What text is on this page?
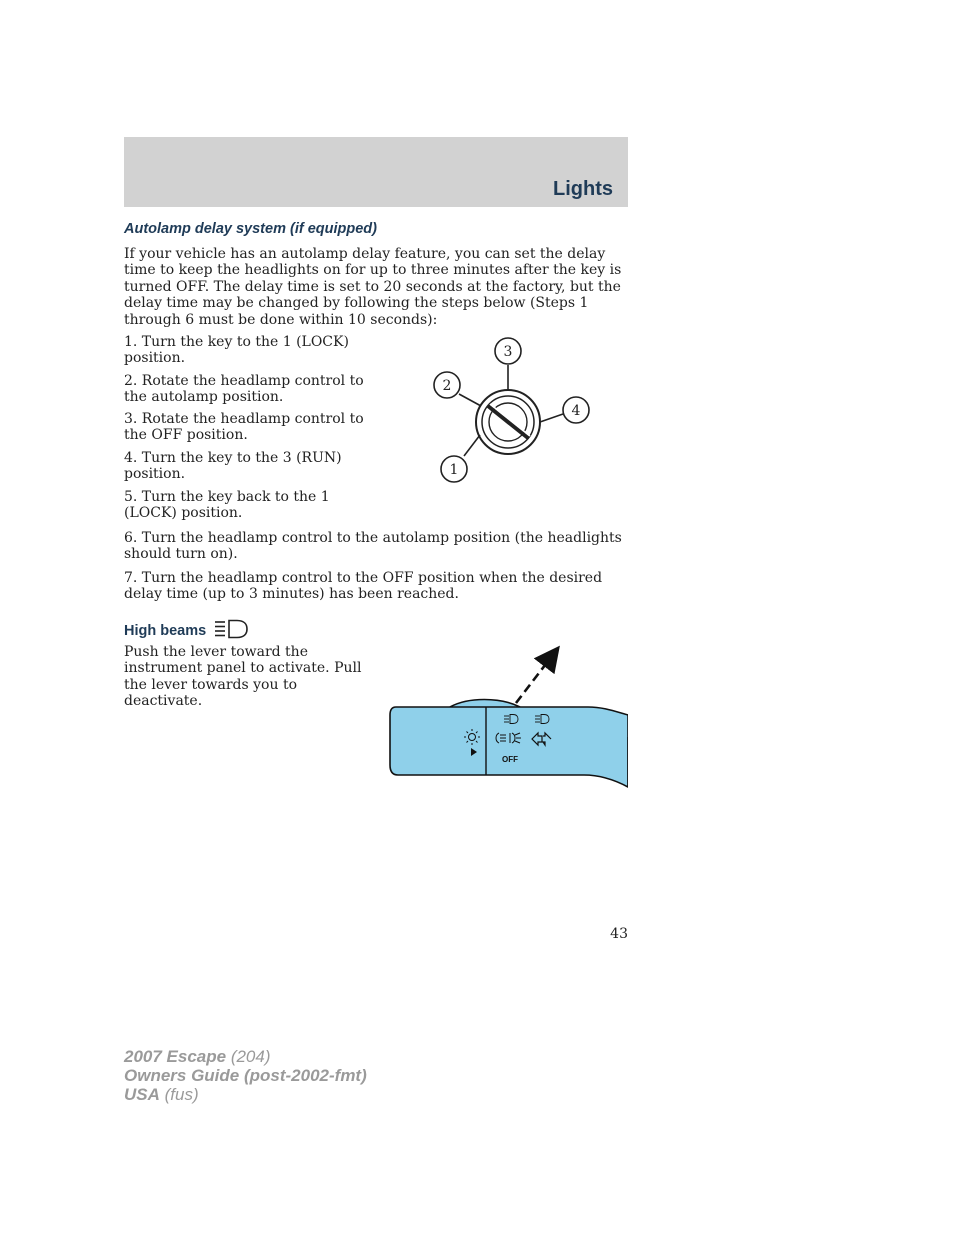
Lights
Autolamp delay system (if equipped)

If your vehicle has an autolamp delay feature, you can set the delay time to keep the headlights on for up to three minutes after the key is turned OFF. The delay time is set to 20 seconds at the factory, but the delay time may be changed by following the steps below (Steps 1 through 6 must be done within 10 seconds):

1. Turn the key to the 1 (LOCK) position.

2. Rotate the headlamp control to the autolamp position.

3. Rotate the headlamp control to the OFF position.

4. Turn the key to the 3 (RUN) position.

5. Turn the key back to the 1 (LOCK) position.

6. Turn the headlamp control to the autolamp position (the headlights should turn on).

7. Turn the headlamp control to the OFF position when the desired delay time (up to 3 minutes) has been reached.

1
2
3
4
High beams

Push the lever toward the instrument panel to activate. Pull the lever towards you to deactivate.

OFF
43
2007 Escape (204)
Owners Guide (post-2002-fmt)
USA (fus)
